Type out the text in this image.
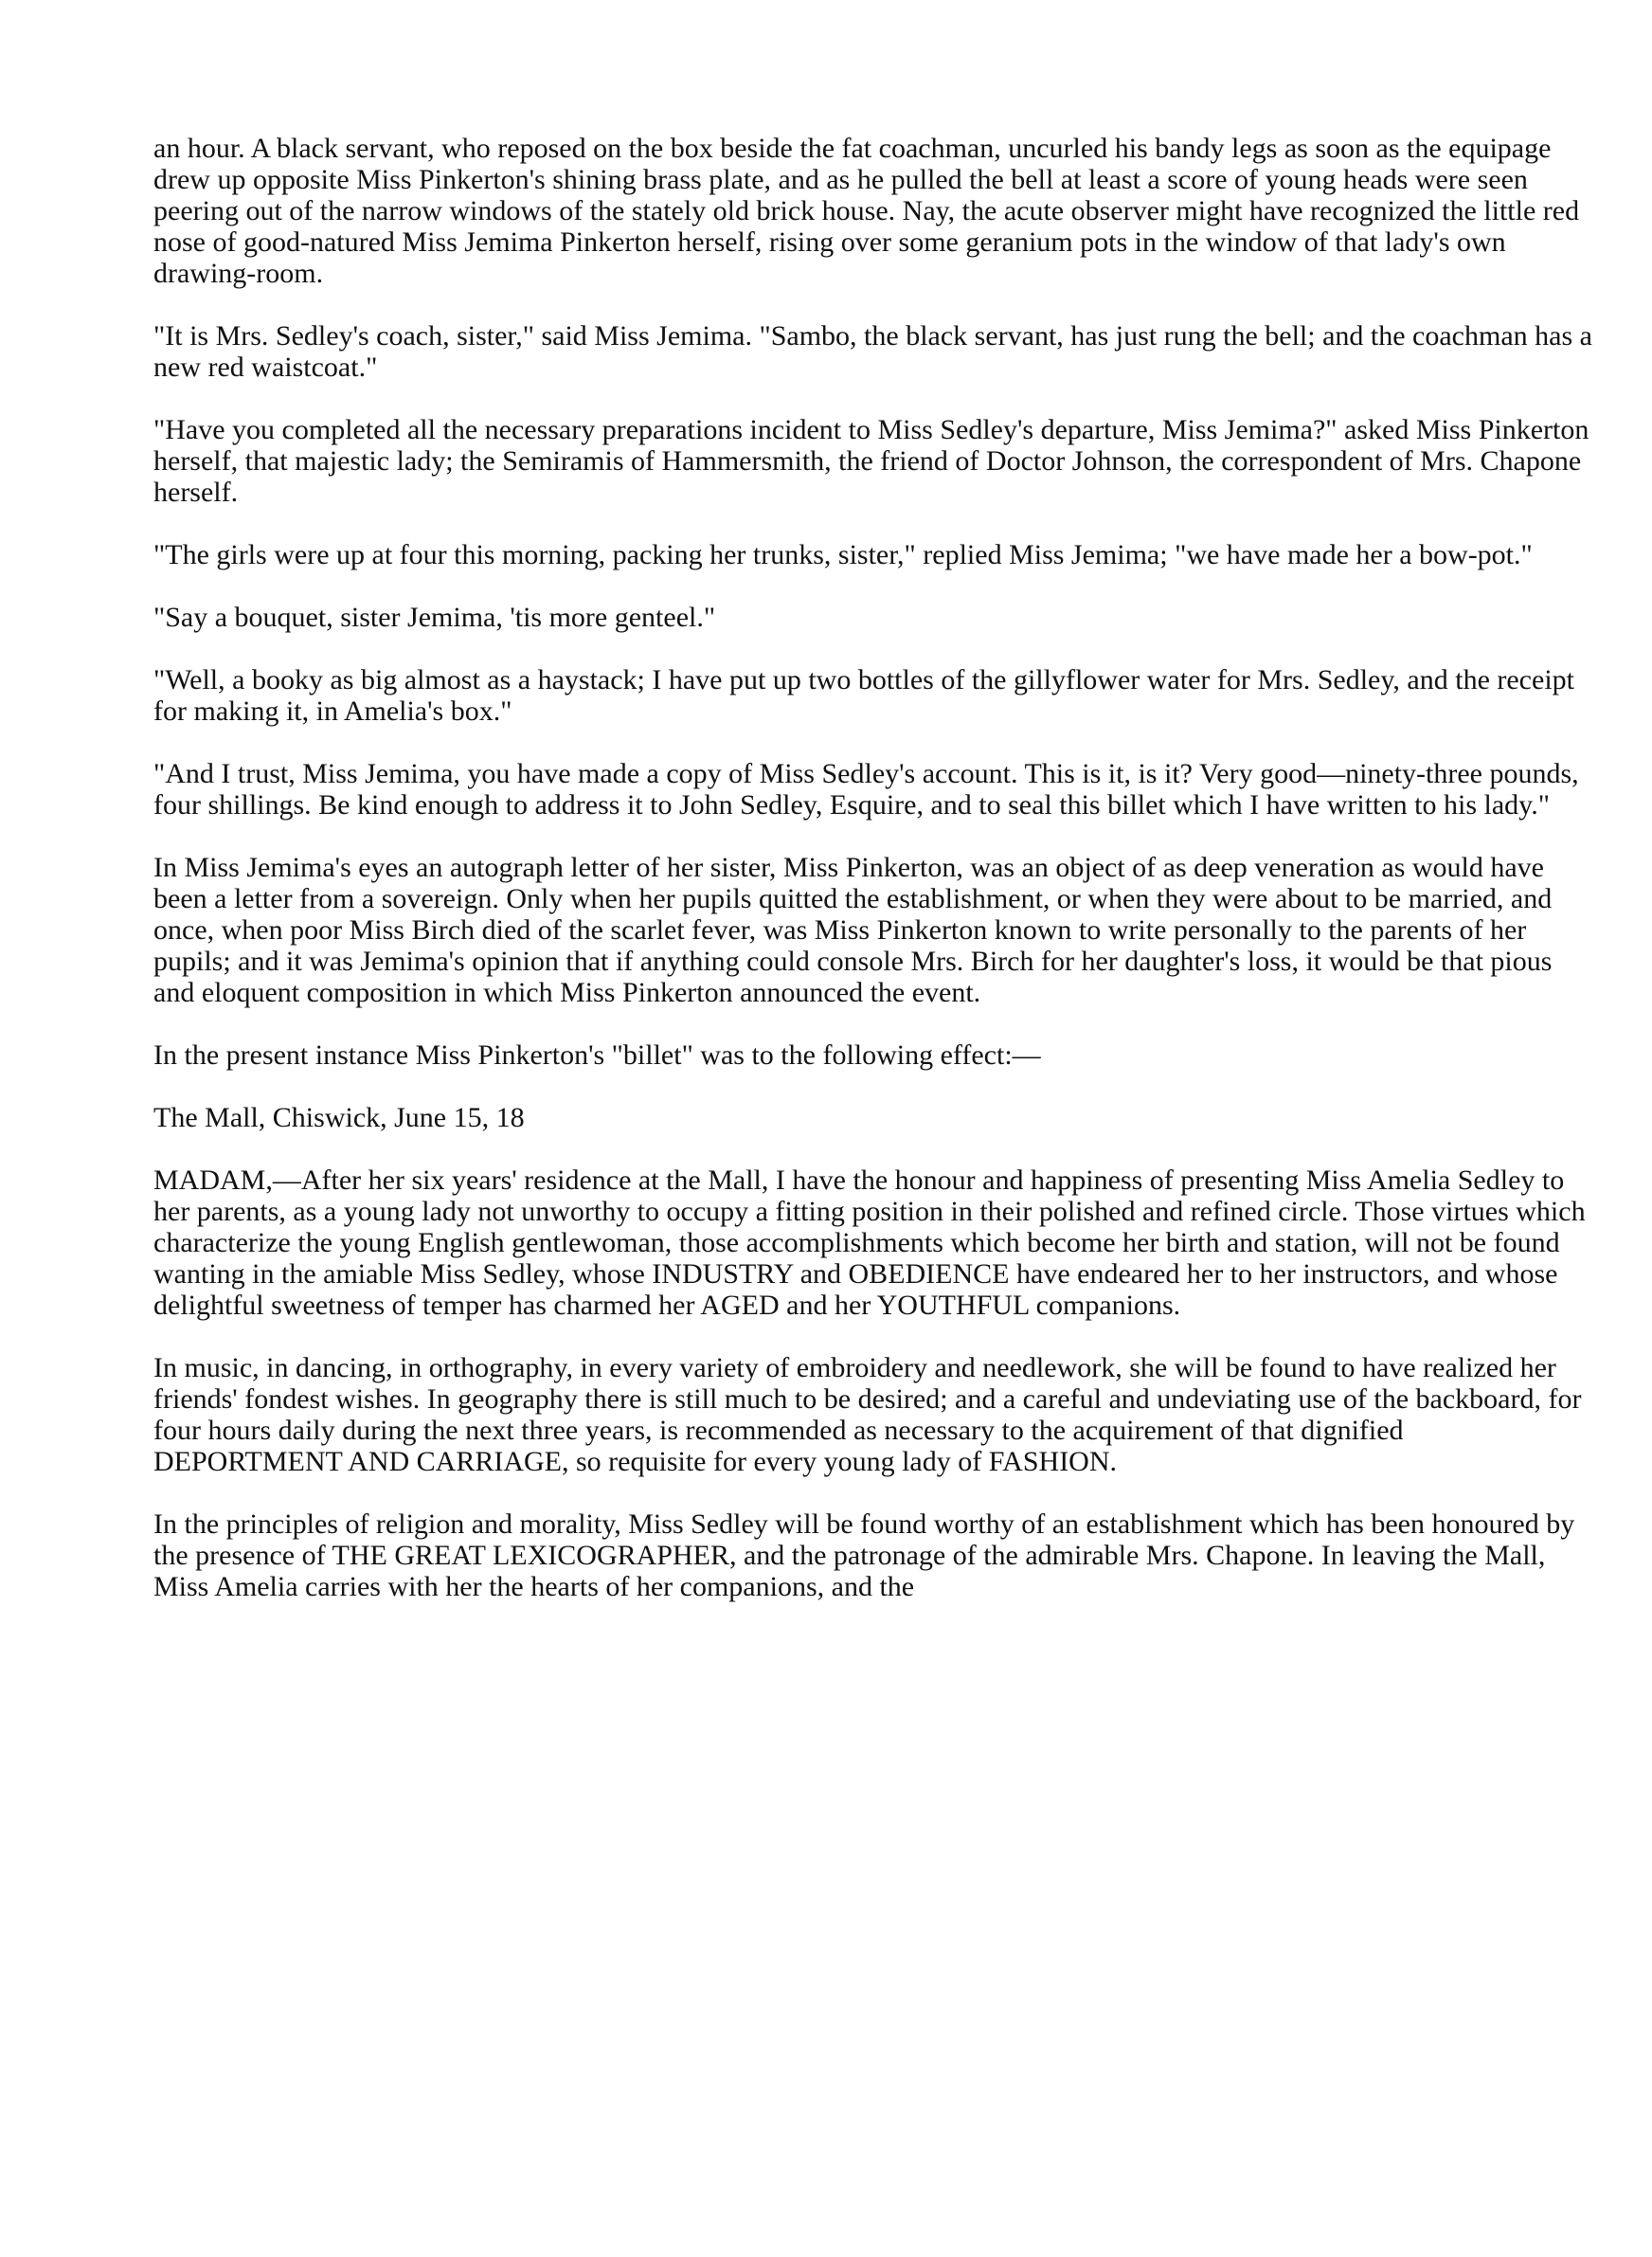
an hour. A black servant, who reposed on the box beside the fat coachman, uncurled his bandy legs as soon as the equipage drew up opposite Miss Pinkerton's shining brass plate, and as he pulled the bell at least a score of young heads were seen peering out of the narrow windows of the stately old brick house. Nay, the acute observer might have recognized the little red nose of good-natured Miss Jemima Pinkerton herself, rising over some geranium pots in the window of that lady's own drawing-room.

"It is Mrs. Sedley's coach, sister," said Miss Jemima. "Sambo, the black servant, has just rung the bell; and the coachman has a new red waistcoat."

"Have you completed all the necessary preparations incident to Miss Sedley's departure, Miss Jemima?" asked Miss Pinkerton herself, that majestic lady; the Semiramis of Hammersmith, the friend of Doctor Johnson, the correspondent of Mrs. Chapone herself.

"The girls were up at four this morning, packing her trunks, sister," replied Miss Jemima; "we have made her a bow-pot."

"Say a bouquet, sister Jemima, 'tis more genteel."

"Well, a booky as big almost as a haystack; I have put up two bottles of the gillyflower water for Mrs. Sedley, and the receipt for making it, in Amelia's box."

"And I trust, Miss Jemima, you have made a copy of Miss Sedley's account. This is it, is it? Very good—ninety-three pounds, four shillings. Be kind enough to address it to John Sedley, Esquire, and to seal this billet which I have written to his lady."

In Miss Jemima's eyes an autograph letter of her sister, Miss Pinkerton, was an object of as deep veneration as would have been a letter from a sovereign. Only when her pupils quitted the establishment, or when they were about to be married, and once, when poor Miss Birch died of the scarlet fever, was Miss Pinkerton known to write personally to the parents of her pupils; and it was Jemima's opinion that if anything could console Mrs. Birch for her daughter's loss, it would be that pious and eloquent composition in which Miss Pinkerton announced the event.

In the present instance Miss Pinkerton's "billet" was to the following effect:—

The Mall, Chiswick, June 15, 18

MADAM,—After her six years' residence at the Mall, I have the honour and happiness of presenting Miss Amelia Sedley to her parents, as a young lady not unworthy to occupy a fitting position in their polished and refined circle. Those virtues which characterize the young English gentlewoman, those accomplishments which become her birth and station, will not be found wanting in the amiable Miss Sedley, whose INDUSTRY and OBEDIENCE have endeared her to her instructors, and whose delightful sweetness of temper has charmed her AGED and her YOUTHFUL companions.

In music, in dancing, in orthography, in every variety of embroidery and needlework, she will be found to have realized her friends' fondest wishes. In geography there is still much to be desired; and a careful and undeviating use of the backboard, for four hours daily during the next three years, is recommended as necessary to the acquirement of that dignified DEPORTMENT AND CARRIAGE, so requisite for every young lady of FASHION.

In the principles of religion and morality, Miss Sedley will be found worthy of an establishment which has been honoured by the presence of THE GREAT LEXICOGRAPHER, and the patronage of the admirable Mrs. Chapone. In leaving the Mall, Miss Amelia carries with her the hearts of her companions, and the
